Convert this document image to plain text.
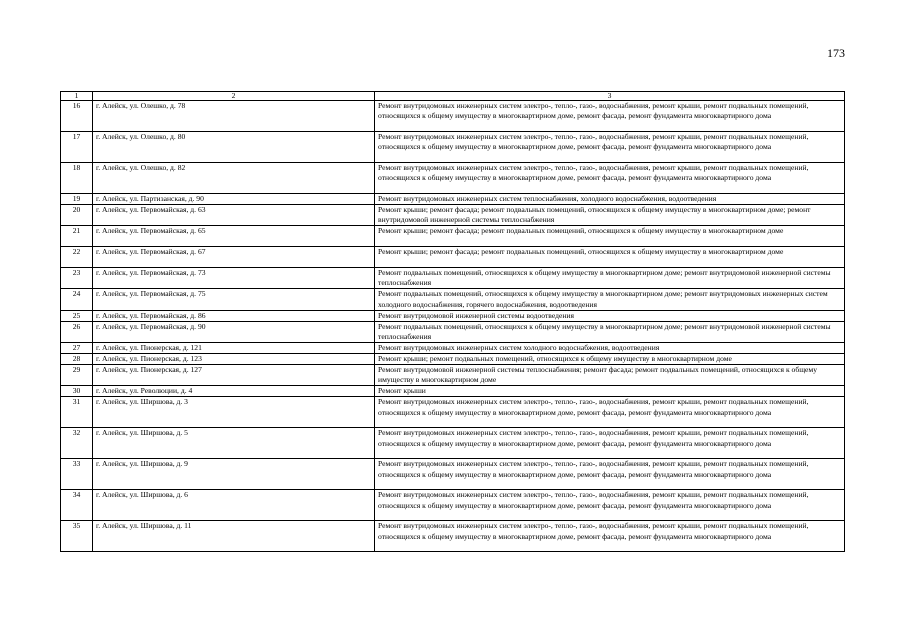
173
1	2	3
16	г. Алейск, ул. Олешко, д. 78	Ремонт внутридомовых инженерных систем электро-, тепло-, газо-, водоснабжения, ремонт крыши, ремонт подвальных помещений, относящихся к общему имуществу в многоквартирном доме, ремонт фасада, ремонт фундамента многоквартирного дома
17	г. Алейск, ул. Олешко, д. 80	Ремонт внутридомовых инженерных систем электро-, тепло-, газо-, водоснабжения, ремонт крыши, ремонт подвальных помещений, относящихся к общему имуществу в многоквартирном доме, ремонт фасада, ремонт фундамента многоквартирного дома
18	г. Алейск, ул. Олешко, д. 82	Ремонт внутридомовых инженерных систем электро-, тепло-, газо-, водоснабжения, ремонт крыши, ремонт подвальных помещений, относящихся к общему имуществу в многоквартирном доме, ремонт фасада, ремонт фундамента многоквартирного дома
19	г. Алейск, ул. Партизанская, д. 90	Ремонт внутридомовых инженерных систем теплоснабжения, холодного водоснабжения, водоотведения
20	г. Алейск, ул. Первомайская, д. 63	Ремонт крыши; ремонт фасада; ремонт подвальных помещений, относящихся к общему имуществу в многоквартирном доме; ремонт внутридомовой инженерной системы теплоснабжения
21	г. Алейск, ул. Первомайская, д. 65	Ремонт крыши; ремонт фасада; ремонт подвальных помещений, относящихся к общему имуществу в многоквартирном доме
22	г. Алейск, ул. Первомайская, д. 67	Ремонт крыши; ремонт фасада; ремонт подвальных помещений, относящихся к общему имуществу в многоквартирном доме
23	г. Алейск, ул. Первомайская, д. 73	Ремонт подвальных помещений, относящихся к общему имуществу в многоквартирном доме; ремонт внутридомовой инженерной системы теплоснабжения
24	г. Алейск, ул. Первомайская, д. 75	Ремонт подвальных помещений, относящихся к общему имуществу в многоквартирном доме; ремонт внутридомовых инженерных систем холодного водоснабжения, горячего водоснабжения, водоотведения
25	г. Алейск, ул. Первомайская, д. 86	Ремонт внутридомовой инженерной системы водоотведения
26	г. Алейск, ул. Первомайская, д. 90	Ремонт подвальных помещений, относящихся к общему имуществу в многоквартирном доме; ремонт внутридомовой инженерной системы теплоснабжения
27	г. Алейск, ул. Пионерская, д. 121	Ремонт внутридомовых инженерных систем холодного водоснабжения, водоотведения
28	г. Алейск, ул. Пионерская, д. 123	Ремонт крыши; ремонт подвальных помещений, относящихся к общему имуществу в многоквартирном доме
29	г. Алейск, ул. Пионерская, д. 127	Ремонт внутридомовой инженерной системы теплоснабжения; ремонт фасада; ремонт подвальных помещений, относящихся к общему имуществу в многоквартирном доме
30	г. Алейск, ул. Революции, д. 4	Ремонт крыши
31	г. Алейск, ул. Ширшова, д. 3	Ремонт внутридомовых инженерных систем электро-, тепло-, газо-, водоснабжения, ремонт крыши, ремонт подвальных помещений, относящихся к общему имуществу в многоквартирном доме, ремонт фасада, ремонт фундамента многоквартирного дома
32	г. Алейск, ул. Ширшова, д. 5	Ремонт внутридомовых инженерных систем электро-, тепло-, газо-, водоснабжения, ремонт крыши, ремонт подвальных помещений, относящихся к общему имуществу в многоквартирном доме, ремонт фасада, ремонт фундамента многоквартирного дома
33	г. Алейск, ул. Ширшова, д. 9	Ремонт внутридомовых инженерных систем электро-, тепло-, газо-, водоснабжения, ремонт крыши, ремонт подвальных помещений, относящихся к общему имуществу в многоквартирном доме, ремонт фасада, ремонт фундамента многоквартирного дома
34	г. Алейск, ул. Ширшова, д. 6	Ремонт внутридомовых инженерных систем электро-, тепло-, газо-, водоснабжения, ремонт крыши, ремонт подвальных помещений, относящихся к общему имуществу в многоквартирном доме, ремонт фасада, ремонт фундамента многоквартирного дома
35	г. Алейск, ул. Ширшова, д. 11	Ремонт внутридомовых инженерных систем электро-, тепло-, газо-, водоснабжения, ремонт крыши, ремонт подвальных помещений, относящихся к общему имуществу в многоквартирном доме, ремонт фасада, ремонт фундамента многоквартирного дома
